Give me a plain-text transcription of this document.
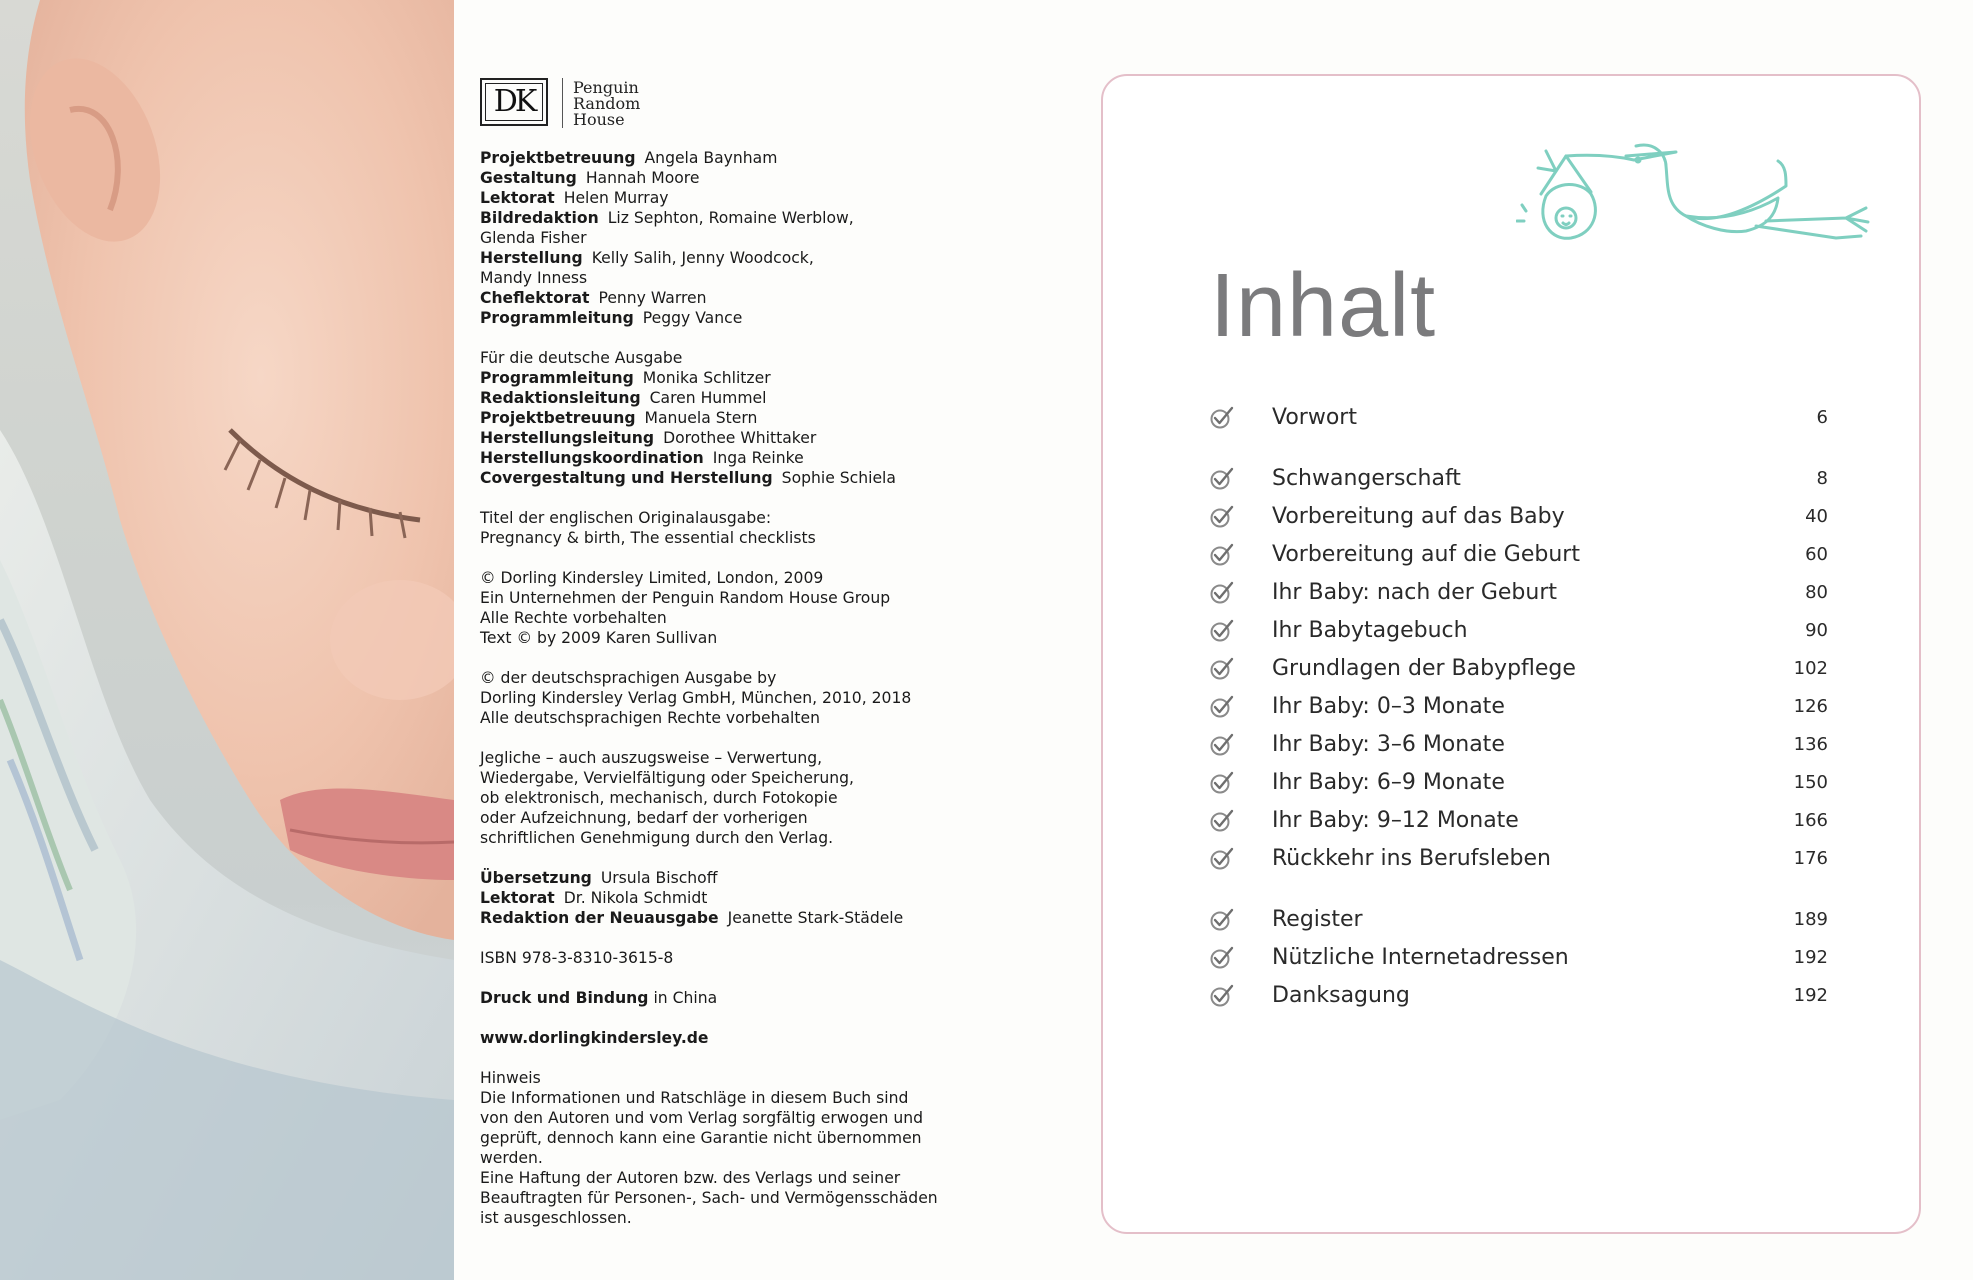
DK	Penguin
Random
House
Projektbetreuung Angela Baynham
Gestaltung Hannah Moore
Lektorat Helen Murray
Bildredaktion Liz Sephton, Romaine Werblow,
Glenda Fisher
Herstellung Kelly Salih, Jenny Woodcock,
Mandy Inness
Cheflektorat Penny Warren
Programmleitung Peggy Vance
Für die deutsche Ausgabe
Programmleitung Monika Schlitzer
Redaktionsleitung Caren Hummel
Projektbetreuung Manuela Stern
Herstellungsleitung Dorothee Whittaker
Herstellungskoordination Inga Reinke
Covergestaltung und Herstellung Sophie Schiela
Titel der englischen Originalausgabe:
Pregnancy & birth, The essential checklists
© Dorling Kindersley Limited, London, 2009
Ein Unternehmen der Penguin Random House Group
Alle Rechte vorbehalten
Text © by 2009 Karen Sullivan
© der deutschsprachigen Ausgabe by
Dorling Kindersley Verlag GmbH, München, 2010, 2018
Alle deutschsprachigen Rechte vorbehalten
Jegliche – auch auszugsweise – Verwertung,
Wiedergabe, Vervielfältigung oder Speicherung,
ob elektronisch, mechanisch, durch Fotokopie
oder Aufzeichnung, bedarf der vorherigen
schriftlichen Genehmigung durch den Verlag.
Übersetzung Ursula Bischoff
Lektorat Dr. Nikola Schmidt
Redaktion der Neuausgabe Jeanette Stark-Städele
ISBN 978-3-8310-3615-8
Druck und Bindung in China
www.dorlingkindersley.de
Hinweis
Die Informationen und Ratschläge in diesem Buch sind
von den Autoren und vom Verlag sorgfältig erwogen und
geprüft, dennoch kann eine Garantie nicht übernommen
werden.
Eine Haftung der Autoren bzw. des Verlags und seiner
Beauftragten für Personen-, Sach- und Vermögensschäden
ist ausgeschlossen.
Inhalt
Vorwort	6
Schwangerschaft	8
Vorbereitung auf das Baby	40
Vorbereitung auf die Geburt	60
Ihr Baby: nach der Geburt	80
Ihr Babytagebuch	90
Grundlagen der Babypflege	102
Ihr Baby: 0–3 Monate	126
Ihr Baby: 3–6 Monate	136
Ihr Baby: 6–9 Monate	150
Ihr Baby: 9–12 Monate	166
Rückkehr ins Berufsleben	176
Register	189
Nützliche Internetadressen	192
Danksagung	192
